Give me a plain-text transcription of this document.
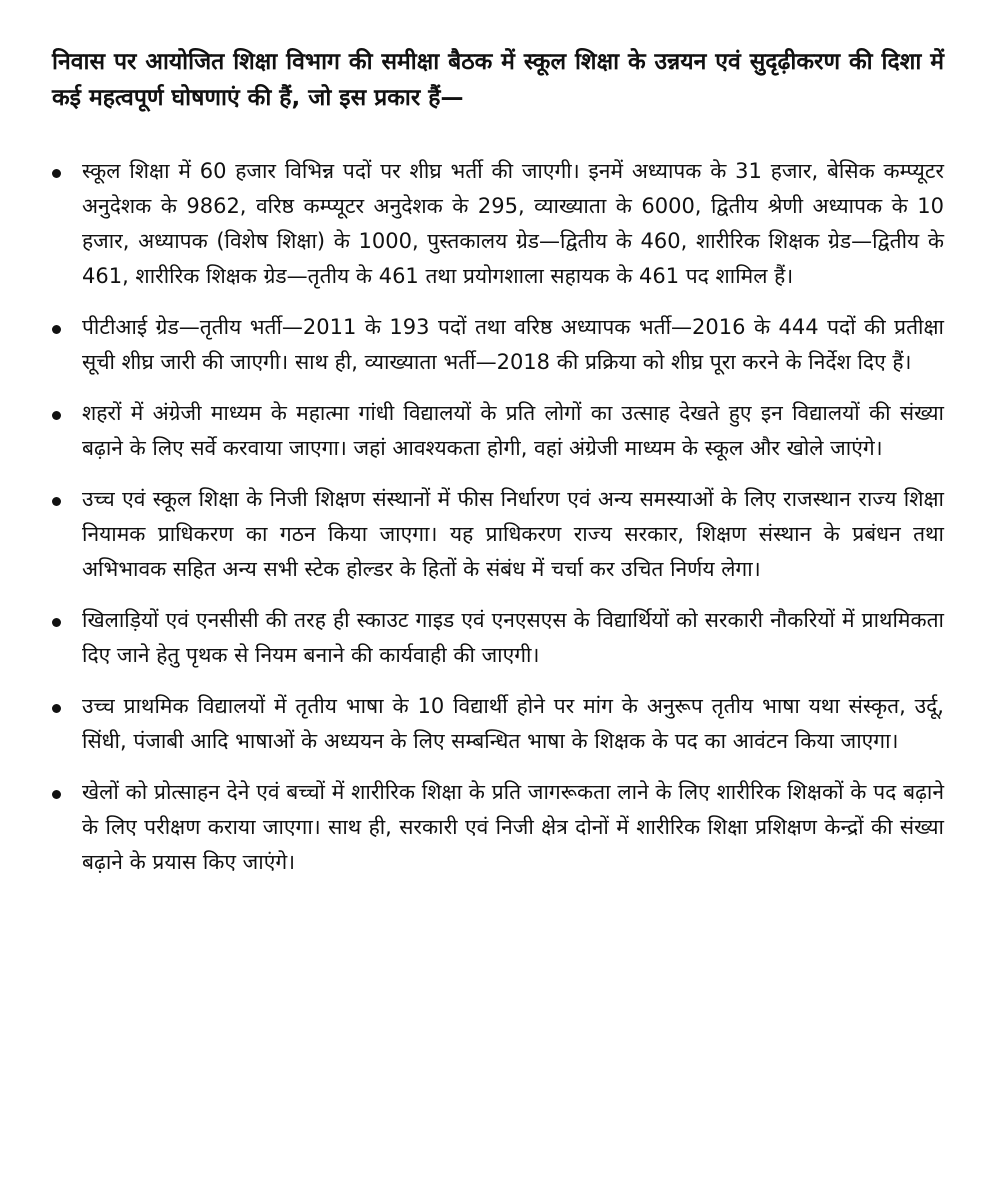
निवास पर आयोजित शिक्षा विभाग की समीक्षा बैठक में स्कूल शिक्षा के उन्नयन एवं सुदृढ़ीकरण की दिशा में कई महत्वपूर्ण घोषणाएं की हैं, जो इस प्रकार हैं—

स्कूल शिक्षा में 60 हजार विभिन्न पदों पर शीघ्र भर्ती की जाएगी। इनमें अध्यापक के 31 हजार, बेसिक कम्प्यूटर अनुदेशक के 9862, वरिष्ठ कम्प्यूटर अनुदेशक के 295, व्याख्याता के 6000, द्वितीय श्रेणी अध्यापक के 10 हजार, अध्यापक (विशेष शिक्षा) के 1000, पुस्तकालय ग्रेड—द्वितीय के 460, शारीरिक शिक्षक ग्रेड—द्वितीय के 461, शारीरिक शिक्षक ग्रेड—तृतीय के 461 तथा प्रयोगशाला सहायक के 461 पद शामिल हैं।
पीटीआई ग्रेड—तृतीय भर्ती—2011 के 193 पदों तथा वरिष्ठ अध्यापक भर्ती—2016 के 444 पदों की प्रतीक्षा सूची शीघ्र जारी की जाएगी। साथ ही, व्याख्याता भर्ती—2018 की प्रक्रिया को शीघ्र पूरा करने के निर्देश दिए हैं।
शहरों में अंग्रेजी माध्यम के महात्मा गांधी विद्यालयों के प्रति लोगों का उत्साह देखते हुए इन विद्यालयों की संख्या बढ़ाने के लिए सर्वे करवाया जाएगा। जहां आवश्यकता होगी, वहां अंग्रेजी माध्यम के स्कूल और खोले जाएंगे।
उच्च एवं स्कूल शिक्षा के निजी शिक्षण संस्थानों में फीस निर्धारण एवं अन्य समस्याओं के लिए राजस्थान राज्य शिक्षा नियामक प्राधिकरण का गठन किया जाएगा। यह प्राधिकरण राज्य सरकार, शिक्षण संस्थान के प्रबंधन तथा अभिभावक सहित अन्य सभी स्टेक होल्डर के हितों के संबंध में चर्चा कर उचित निर्णय लेगा।
खिलाड़ियों एवं एनसीसी की तरह ही स्काउट गाइड एवं एनएसएस के विद्यार्थियों को सरकारी नौकरियों में प्राथमिकता दिए जाने हेतु पृथक से नियम बनाने की कार्यवाही की जाएगी।
उच्च प्राथमिक विद्यालयों में तृतीय भाषा के 10 विद्यार्थी होने पर मांग के अनुरूप तृतीय भाषा यथा संस्कृत, उर्दू, सिंधी, पंजाबी आदि भाषाओं के अध्ययन के लिए सम्बन्धित भाषा के शिक्षक के पद का आवंटन किया जाएगा।
खेलों को प्रोत्साहन देने एवं बच्चों में शारीरिक शिक्षा के प्रति जागरूकता लाने के लिए शारीरिक शिक्षकों के पद बढ़ाने के लिए परीक्षण कराया जाएगा। साथ ही, सरकारी एवं निजी क्षेत्र दोनों में शारीरिक शिक्षा प्रशिक्षण केन्द्रों की संख्या बढ़ाने के प्रयास किए जाएंगे।
